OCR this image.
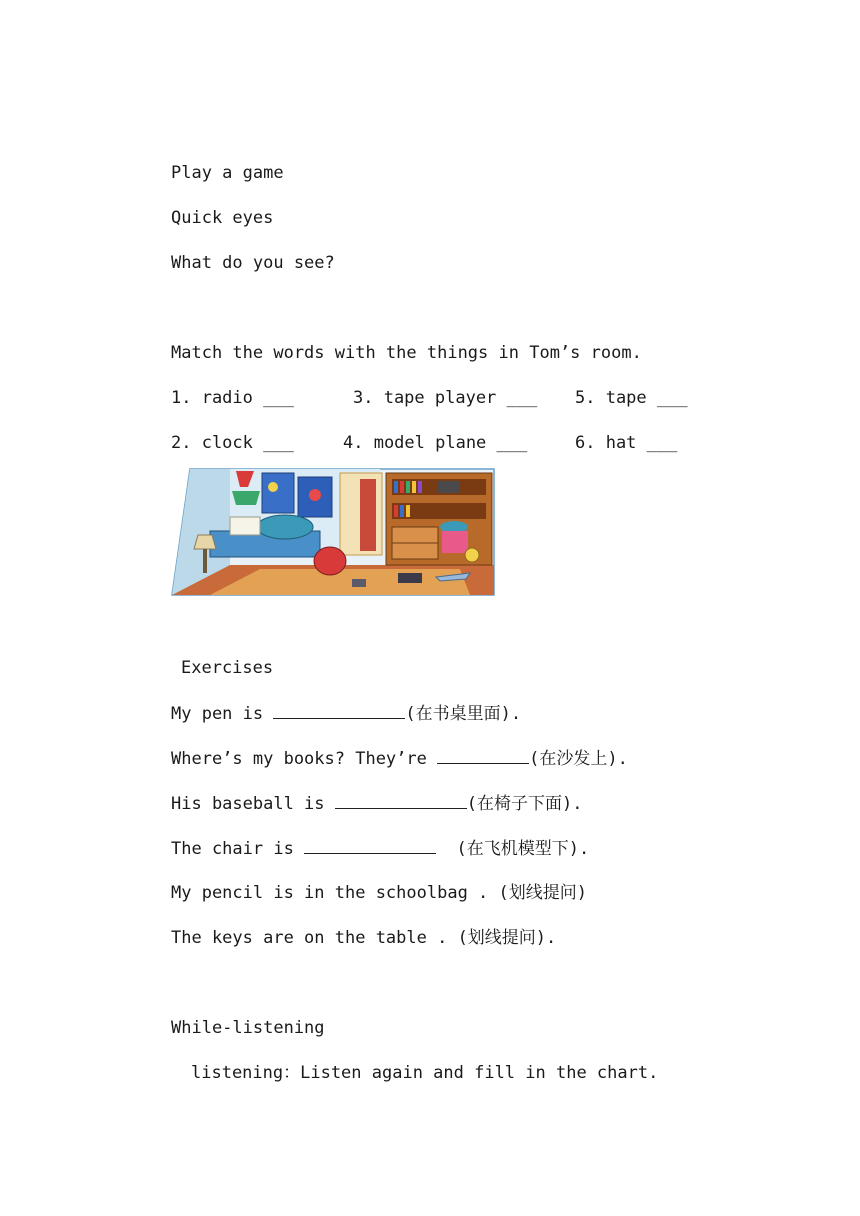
Play a game
Quick eyes
What do you see?
Match the words with the things in Tom’s room.
1. radio ___	3. tape player ___ 5. tape ___
2. clock ___	4. model plane ___	6. hat ___
Exercises
My pen is	(在书桌里面).
Where’s my books? They’re	(在沙发上).
His baseball is	(在椅子下面).
The chair is	(在飞机模型下).
My pencil is in the schoolbag . (划线提问)
The keys are on the table . (划线提问).
While-listening
listening：Listen again and fill in the chart.
